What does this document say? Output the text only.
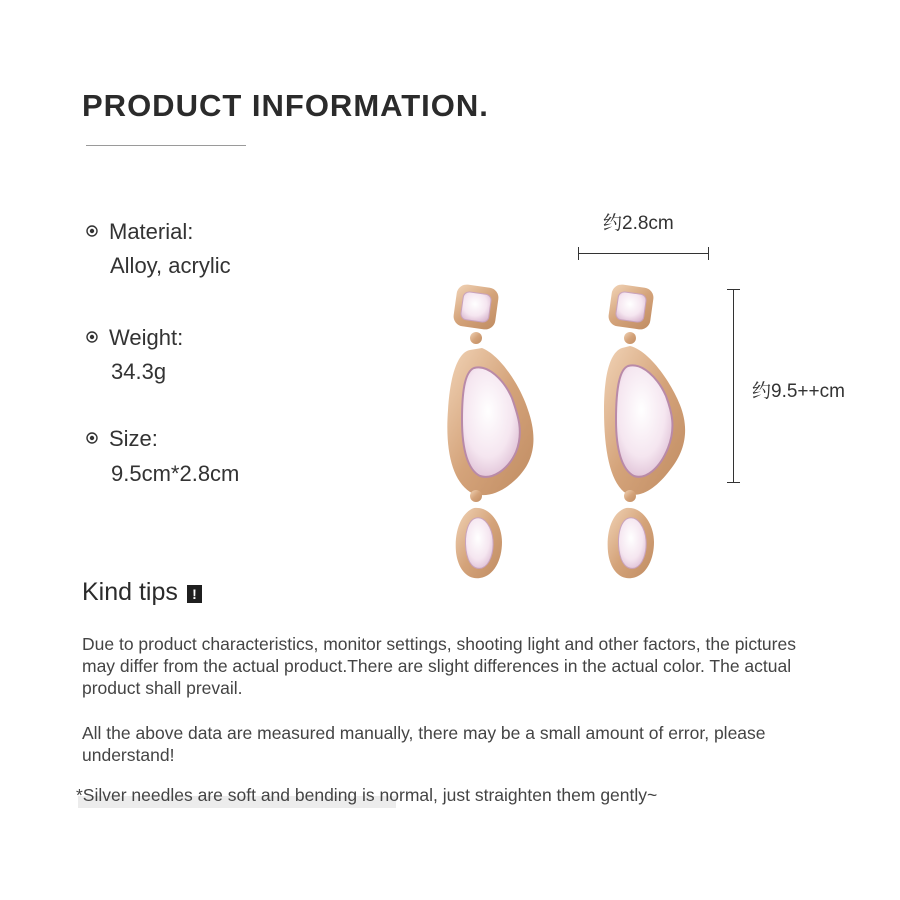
PRODUCT INFORMATION.
Material:
Alloy, acrylic
Weight:
34.3g
Size:
9.5cm*2.8cm
约2.8cm
约9.5++cm
Kind tips	!
Due to product characteristics, monitor settings, shooting light and other factors, the pictures may differ from the actual product.There are slight differences in the actual color. The actual product shall prevail.
All the above data are measured manually, there may be a small amount of error, please understand!
*Silver needles are soft and bending is normal, just straighten them gently~
